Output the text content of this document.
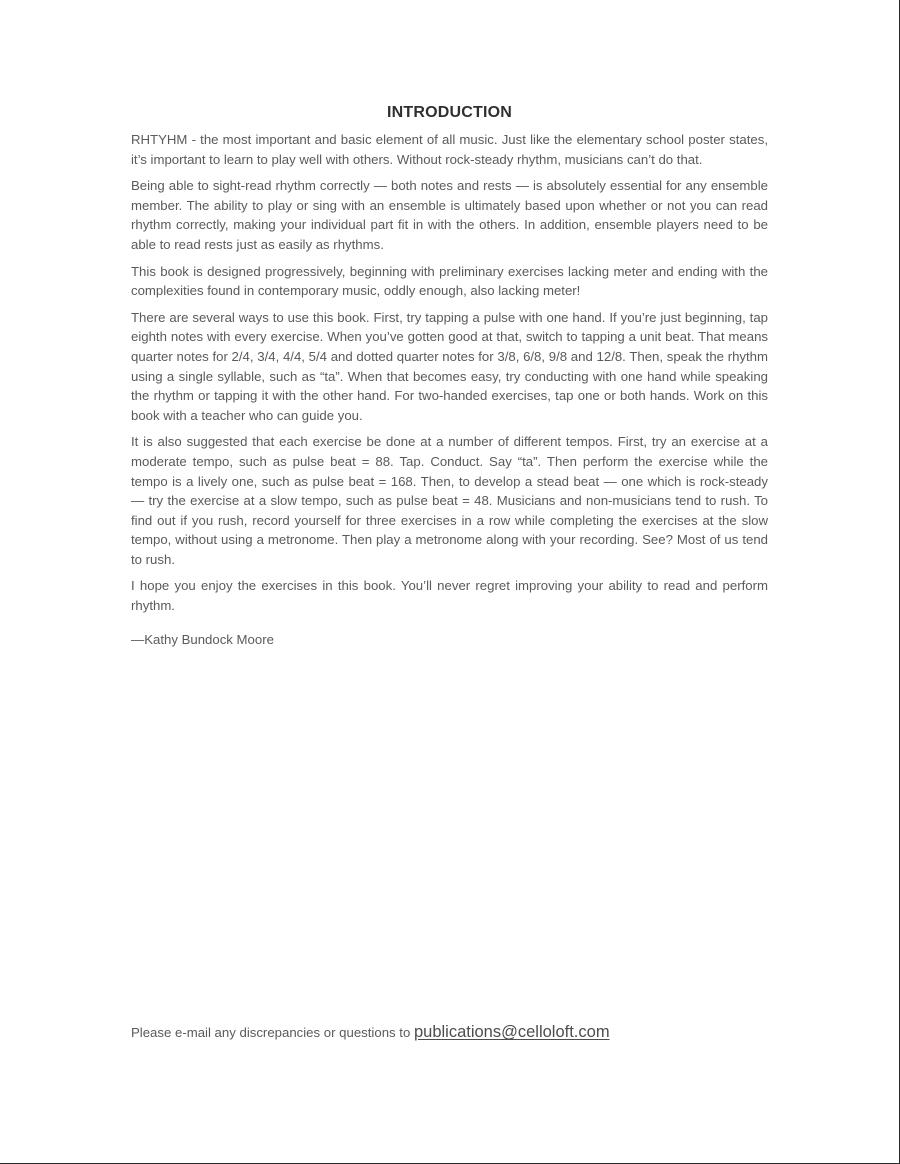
INTRODUCTION

RHTYHM - the most important and basic element of all music. Just like the elementary school poster states, it’s important to learn to play well with others. Without rock-steady rhythm, musicians can’t do that.

Being able to sight-read rhythm correctly — both notes and rests — is absolutely essential for any ensemble member. The ability to play or sing with an ensemble is ultimately based upon whether or not you can read rhythm correctly, making your individual part fit in with the others. In addition, ensemble players need to be able to read rests just as easily as rhythms.

This book is designed progressively, beginning with preliminary exercises lacking meter and ending with the complexities found in contemporary music, oddly enough, also lacking meter!

There are several ways to use this book. First, try tapping a pulse with one hand. If you’re just beginning, tap eighth notes with every exercise. When you’ve gotten good at that, switch to tapping a unit beat. That means quarter notes for 2/4, 3/4, 4/4, 5/4 and dotted quarter notes for 3/8, 6/8, 9/8 and 12/8. Then, speak the rhythm using a single syllable, such as “ta”. When that becomes easy, try conducting with one hand while speaking the rhythm or tapping it with the other hand. For two-handed exercises, tap one or both hands. Work on this book with a teacher who can guide you.

It is also suggested that each exercise be done at a number of different tempos. First, try an exercise at a moderate tempo, such as pulse beat = 88. Tap. Conduct. Say “ta”. Then perform the exercise while the tempo is a lively one, such as pulse beat = 168. Then, to develop a stead beat — one which is rock-steady — try the exercise at a slow tempo, such as pulse beat = 48. Musicians and non-musicians tend to rush. To find out if you rush, record yourself for three exercises in a row while completing the exercises at the slow tempo, without using a metronome. Then play a metronome along with your recording. See? Most of us tend to rush.

I hope you enjoy the exercises in this book. You’ll never regret improving your ability to read and perform rhythm.

—Kathy Bundock Moore
Please e-mail any discrepancies or questions to publications@celloloft.com
